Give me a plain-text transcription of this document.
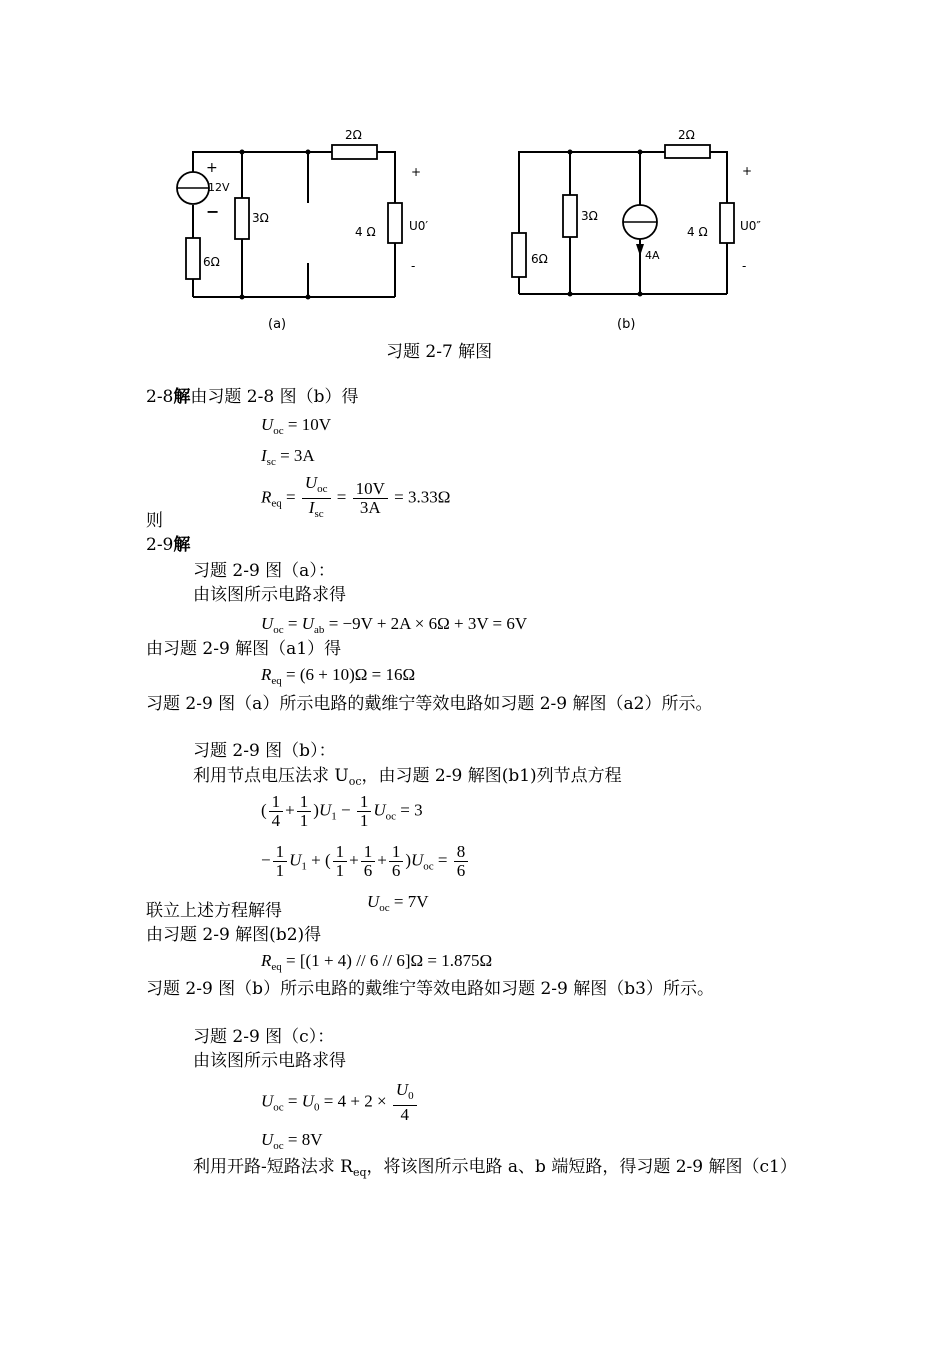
2Ω
+
12V
−	3Ω
6Ω
4 Ω
+
U0′
-
(a)
2Ω
3Ω
6Ω	4A
4 Ω
+
U0″
-
(b)
习题 2-7 解图
2-8解由习题 2-8 图（b）得
$U_{oc} = 10V$
$I_{sc} = 3A$
$R_{eq} = \frac{U_{oc}}{I_{sc}} = \frac{10V}{3A} = 3.33\Omega$
则
2-9解
习题 2-9 图（a）：
由该图所示电路求得
$U_{oc} = U_{ab} = -9V + 2A \times 6\Omega + 3V = 6V$
由习题 2-9 解图（a1）得
$R_{eq} = (6 + 10)\Omega = 16\Omega$
习题 2-9 图（a）所示电路的戴维宁等效电路如习题 2-9 解图（a2）所示。
习题 2-9 图（b）：
利用节点电压法求 $U_{oc}$，由习题 2-9 解图(b1)列节点方程
( $\frac{1}{4} + \frac{1}{1} )U_1 - \frac{1}{1} U_{oc} = 3$
− $\frac{1}{1} U_1$ + ( $\frac{1}{1} + \frac{1}{6} + \frac{1}{6} )U_{oc} = \frac{8}{6}$
联立上述方程解得	$U_{oc} = 7V$
由习题 2-9 解图(b2)得
$R_{eq} = [(1 + 4) // 6 // 6]\Omega = 1.875\Omega$
习题 2-9 图（b）所示电路的戴维宁等效电路如习题 2-9 解图（b3）所示。
习题 2-9 图（c）：
由该图所示电路求得
$U_{oc} = U_0 = 4 + 2 \times \frac{U_0}{4}$
$U_{oc} = 8V$
利用开路-短路法求 $R_{eq}$，将该图所示电路 a、b 端短路，得习题 2-9 解图（c1）
